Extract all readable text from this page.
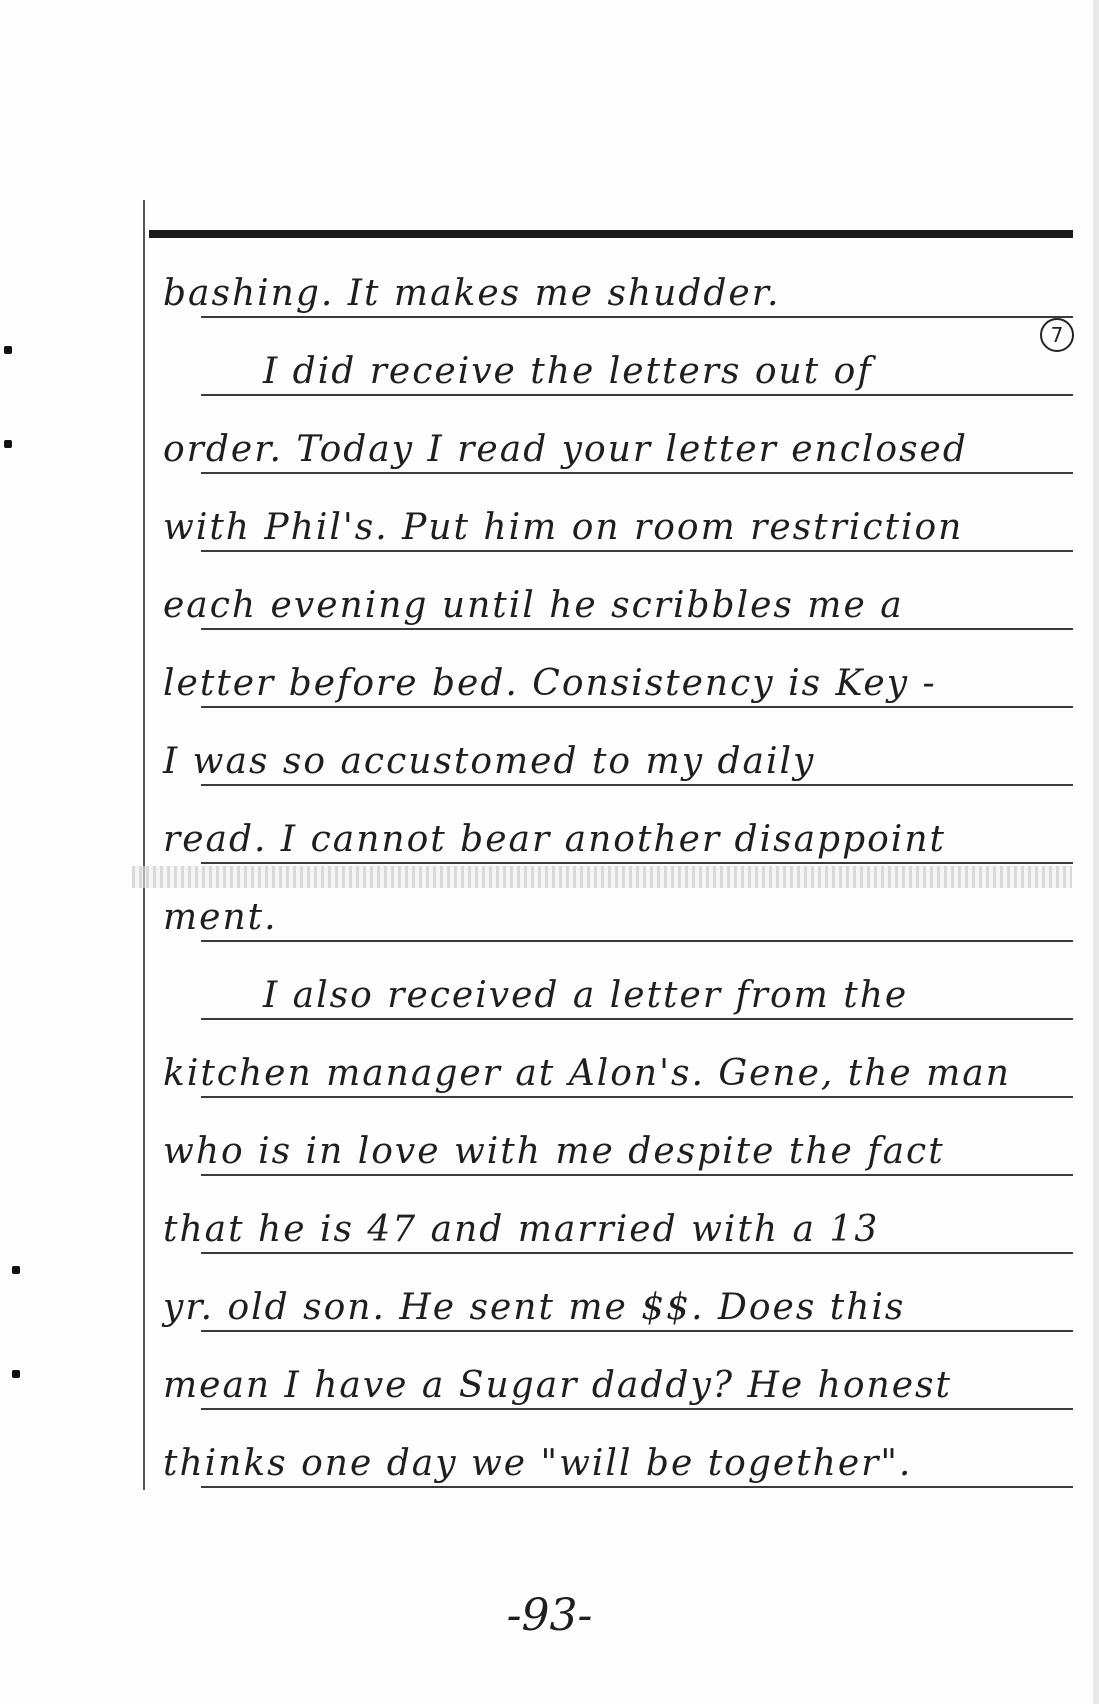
bashing. It makes me shudder.
I did receive the letters out of
order. Today I read your letter enclosed
with Phil's. Put him on room restriction
each evening until he scribbles me a
letter before bed. Consistency is Key -
I was so accustomed to my daily
read. I cannot bear another disappoint
ment.
I also received a letter from the
kitchen manager at Alon's. Gene, the man
who is in love with me despite the fact
that he is 47 and married with a 13
yr. old son. He sent me $$. Does this
mean I have a Sugar daddy? He honest
thinks one day we "will be together".
7
-93-
